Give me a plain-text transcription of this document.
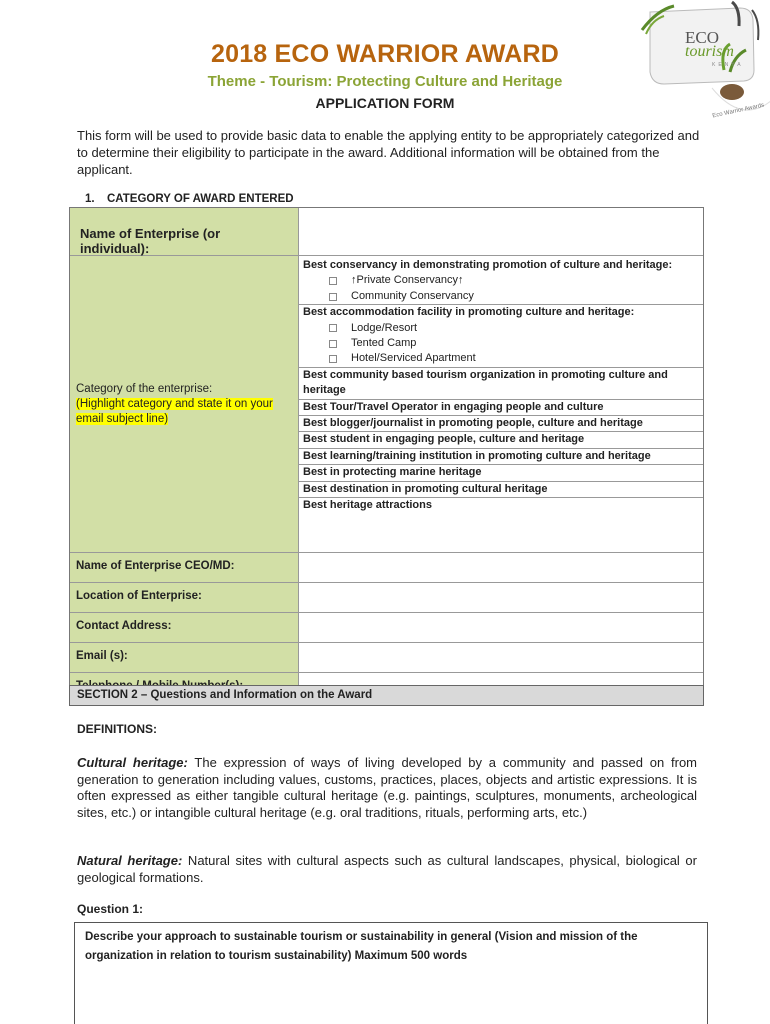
ECO
tourism
KENYA
Eco Warrior Awards
2018 ECO WARRIOR AWARD
Theme - Tourism: Protecting Culture and Heritage
APPLICATION FORM
This form will be used to provide basic data to enable the applying entity to be appropriately categorized and to determine their eligibility to participate in the award. Additional information will be obtained from the applicant.
1. CATEGORY OF AWARD ENTERED
Name of Enterprise (or individual):
Category of the enterprise:
(Highlight category and state it on your email subject line)
Best conservancy in demonstrating promotion of culture and heritage:
↑ Private Conservancy ↑
Community Conservancy
Best accommodation facility in promoting culture and heritage:
Lodge/Resort
Tented Camp
Hotel/Serviced Apartment
Best community based tourism organization in promoting culture and heritage
Best Tour/Travel Operator in engaging people and culture
Best blogger/journalist in promoting people, culture and heritage
Best student in engaging people, culture and heritage
Best learning/training institution in promoting culture and heritage
Best in protecting marine heritage
Best destination in promoting cultural heritage
Best heritage attractions
Name of Enterprise CEO/MD:
Location of Enterprise:
Contact Address:
Email (s):
SECTION 2 – Questions and Information on the Award
DEFINITIONS:
Cultural heritage: The expression of ways of living developed by a community and passed on from generation to generation including values, customs, practices, places, objects and artistic expressions. It is often expressed as either tangible cultural heritage (e.g. paintings, sculptures, monuments, archeological sites, etc.) or intangible cultural heritage (e.g. oral traditions, rituals, performing arts, etc.)
Natural heritage: Natural sites with cultural aspects such as cultural landscapes, physical, biological or geological formations.
Question 1:
Describe your approach to sustainable tourism or sustainability in general (Vision and mission of the organization in relation to tourism sustainability) Maximum 500 words
